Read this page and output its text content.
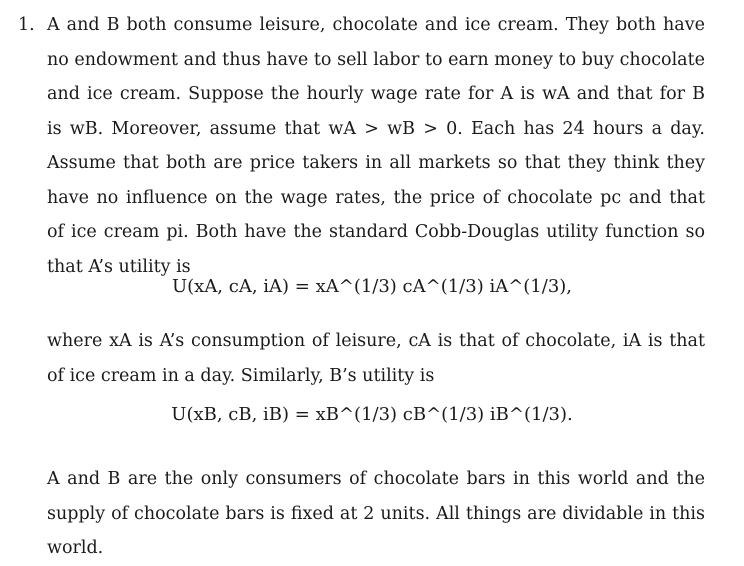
1. A and B both consume leisure, chocolate and ice cream. They both have
no endowment and thus have to sell labor to earn money to buy chocolate
and ice cream. Suppose the hourly wage rate for A is wA and that for B
is wB. Moreover, assume that wA > wB > 0. Each has 24 hours a day.
Assume that both are price takers in all markets so that they think they
have no influence on the wage rates, the price of chocolate pc and that
of ice cream pi. Both have the standard Cobb-Douglas utility function so
that A’s utility is
U(xA, cA, iA) = xA^(1/3) cA^(1/3) iA^(1/3),
where xA is A’s consumption of leisure, cA is that of chocolate, iA is that
of ice cream in a day. Similarly, B’s utility is
U(xB, cB, iB) = xB^(1/3) cB^(1/3) iB^(1/3).
A and B are the only consumers of chocolate bars in this world and the
supply of chocolate bars is fixed at 2 units. All things are dividable in this
world.
